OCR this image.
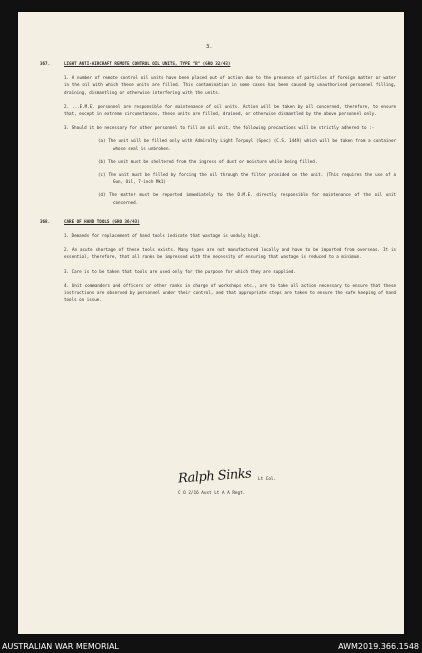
3.
367.	LIGHT ANTI-AIRCRAFT REMOTE CONTROL OIL UNITS, TYPE "B" (GRO 32/43)
1. A number of remote control oil units have been placed out of action due to the presence of particles of foreign matter or water in the oil with which these units are filled. This contamination in some cases has been caused by unauthorised personnel filling, draining, dismantling or otherwise interfering with the units.
2. ...E.M.E. personnel are responsible for maintenance of oil units. Action will be taken by all concerned, therefore, to ensure that, except in extreme circumstances, these units are filled, drained, or otherwise dismantled by the above personnel only.
3. Should it be necessary for other personnel to fill an oil unit, the following precautions will be strictly adhered to :-
(a) The unit will be filled only with Admiralty Light Torpoyl (Spec) (C.S. 1449) which will be taken from a container whose seal is unbroken.
(b) The unit must be sheltered from the ingress of dust or moisture while being filled.
(c) The unit must be filled by forcing the oil through the filter provided on the unit. (This requires the use of a Gun, Oil, 7-inch Mk1)
(d) The matter must be reported immediately to the D.M.E. directly responsible for maintenance of the oil unit concerned.
368.	CARE OF HAND TOOLS (GRO 36/43)
1. Demands for replacement of hand tools indicate that wastage is unduly high.
2. An acute shortage of these tools exists. Many types are not manufactured locally and have to be imported from overseas. It is essential, therefore, that all ranks be impressed with the necessity of ensuring that wastage is reduced to a minimum.
3. Care is to be taken that tools are used only for the purpose for which they are supplied.
4. Unit commanders and officers or other ranks in charge of workshops etc., are to take all action necessary to ensure that these instructions are observed by personnel under their control, and that appropriate steps are taken to ensure the safe keeping of hand tools on issue.
Ralph Sinks Lt Col.
C O 2/16 Aust Lt A A Regt.
AUSTRALIAN WAR MEMORIAL	AWM2019.366.1548
